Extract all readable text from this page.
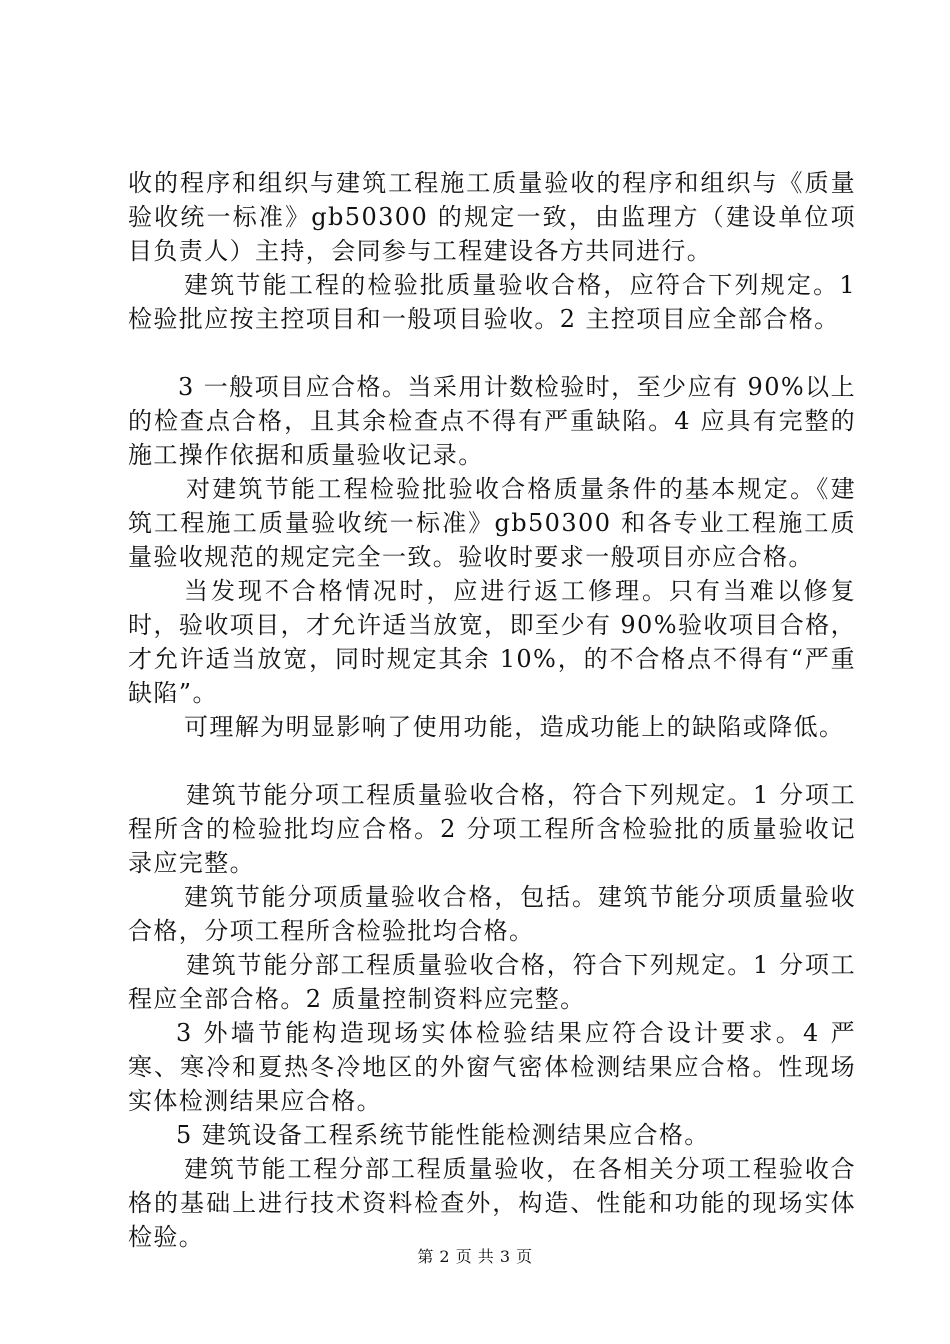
收的程序和组织与建筑工程施工质量验收的程序和组织与《质量验收统一标准》gb50300 的规定一致，由监理方（建设单位项目负责人）主持，会同参与工程建设各方共同进行。

建筑节能工程的检验批质量验收合格，应符合下列规定。1 检验批应按主控项目和一般项目验收。2 主控项目应全部合格。

3 一般项目应合格。当采用计数检验时，至少应有 90%以上的检查点合格，且其余检查点不得有严重缺陷。4 应具有完整的施工操作依据和质量验收记录。

对建筑节能工程检验批验收合格质量条件的基本规定。《建筑工程施工质量验收统一标准》gb50300 和各专业工程施工质量验收规范的规定完全一致。验收时要求一般项目亦应合格。

当发现不合格情况时，应进行返工修理。只有当难以修复时，验收项目，才允许适当放宽，即至少有 90%验收项目合格，才允许适当放宽，同时规定其余 10%，的不合格点不得有“严重缺陷”。

可理解为明显影响了使用功能，造成功能上的缺陷或降低。

建筑节能分项工程质量验收合格，符合下列规定。1 分项工程所含的检验批均应合格。2 分项工程所含检验批的质量验收记录应完整。

建筑节能分项质量验收合格，包括。建筑节能分项质量验收合格，分项工程所含检验批均合格。

建筑节能分部工程质量验收合格，符合下列规定。1 分项工程应全部合格。2 质量控制资料应完整。

3 外墙节能构造现场实体检验结果应符合设计要求。4 严寒、寒冷和夏热冬冷地区的外窗气密体检测结果应合格。性现场实体检测结果应合格。

5 建筑设备工程系统节能性能检测结果应合格。

建筑节能工程分部工程质量验收，在各相关分项工程验收合格的基础上进行技术资料检查外，构造、性能和功能的现场实体检验。

第 2 页 共 3 页
